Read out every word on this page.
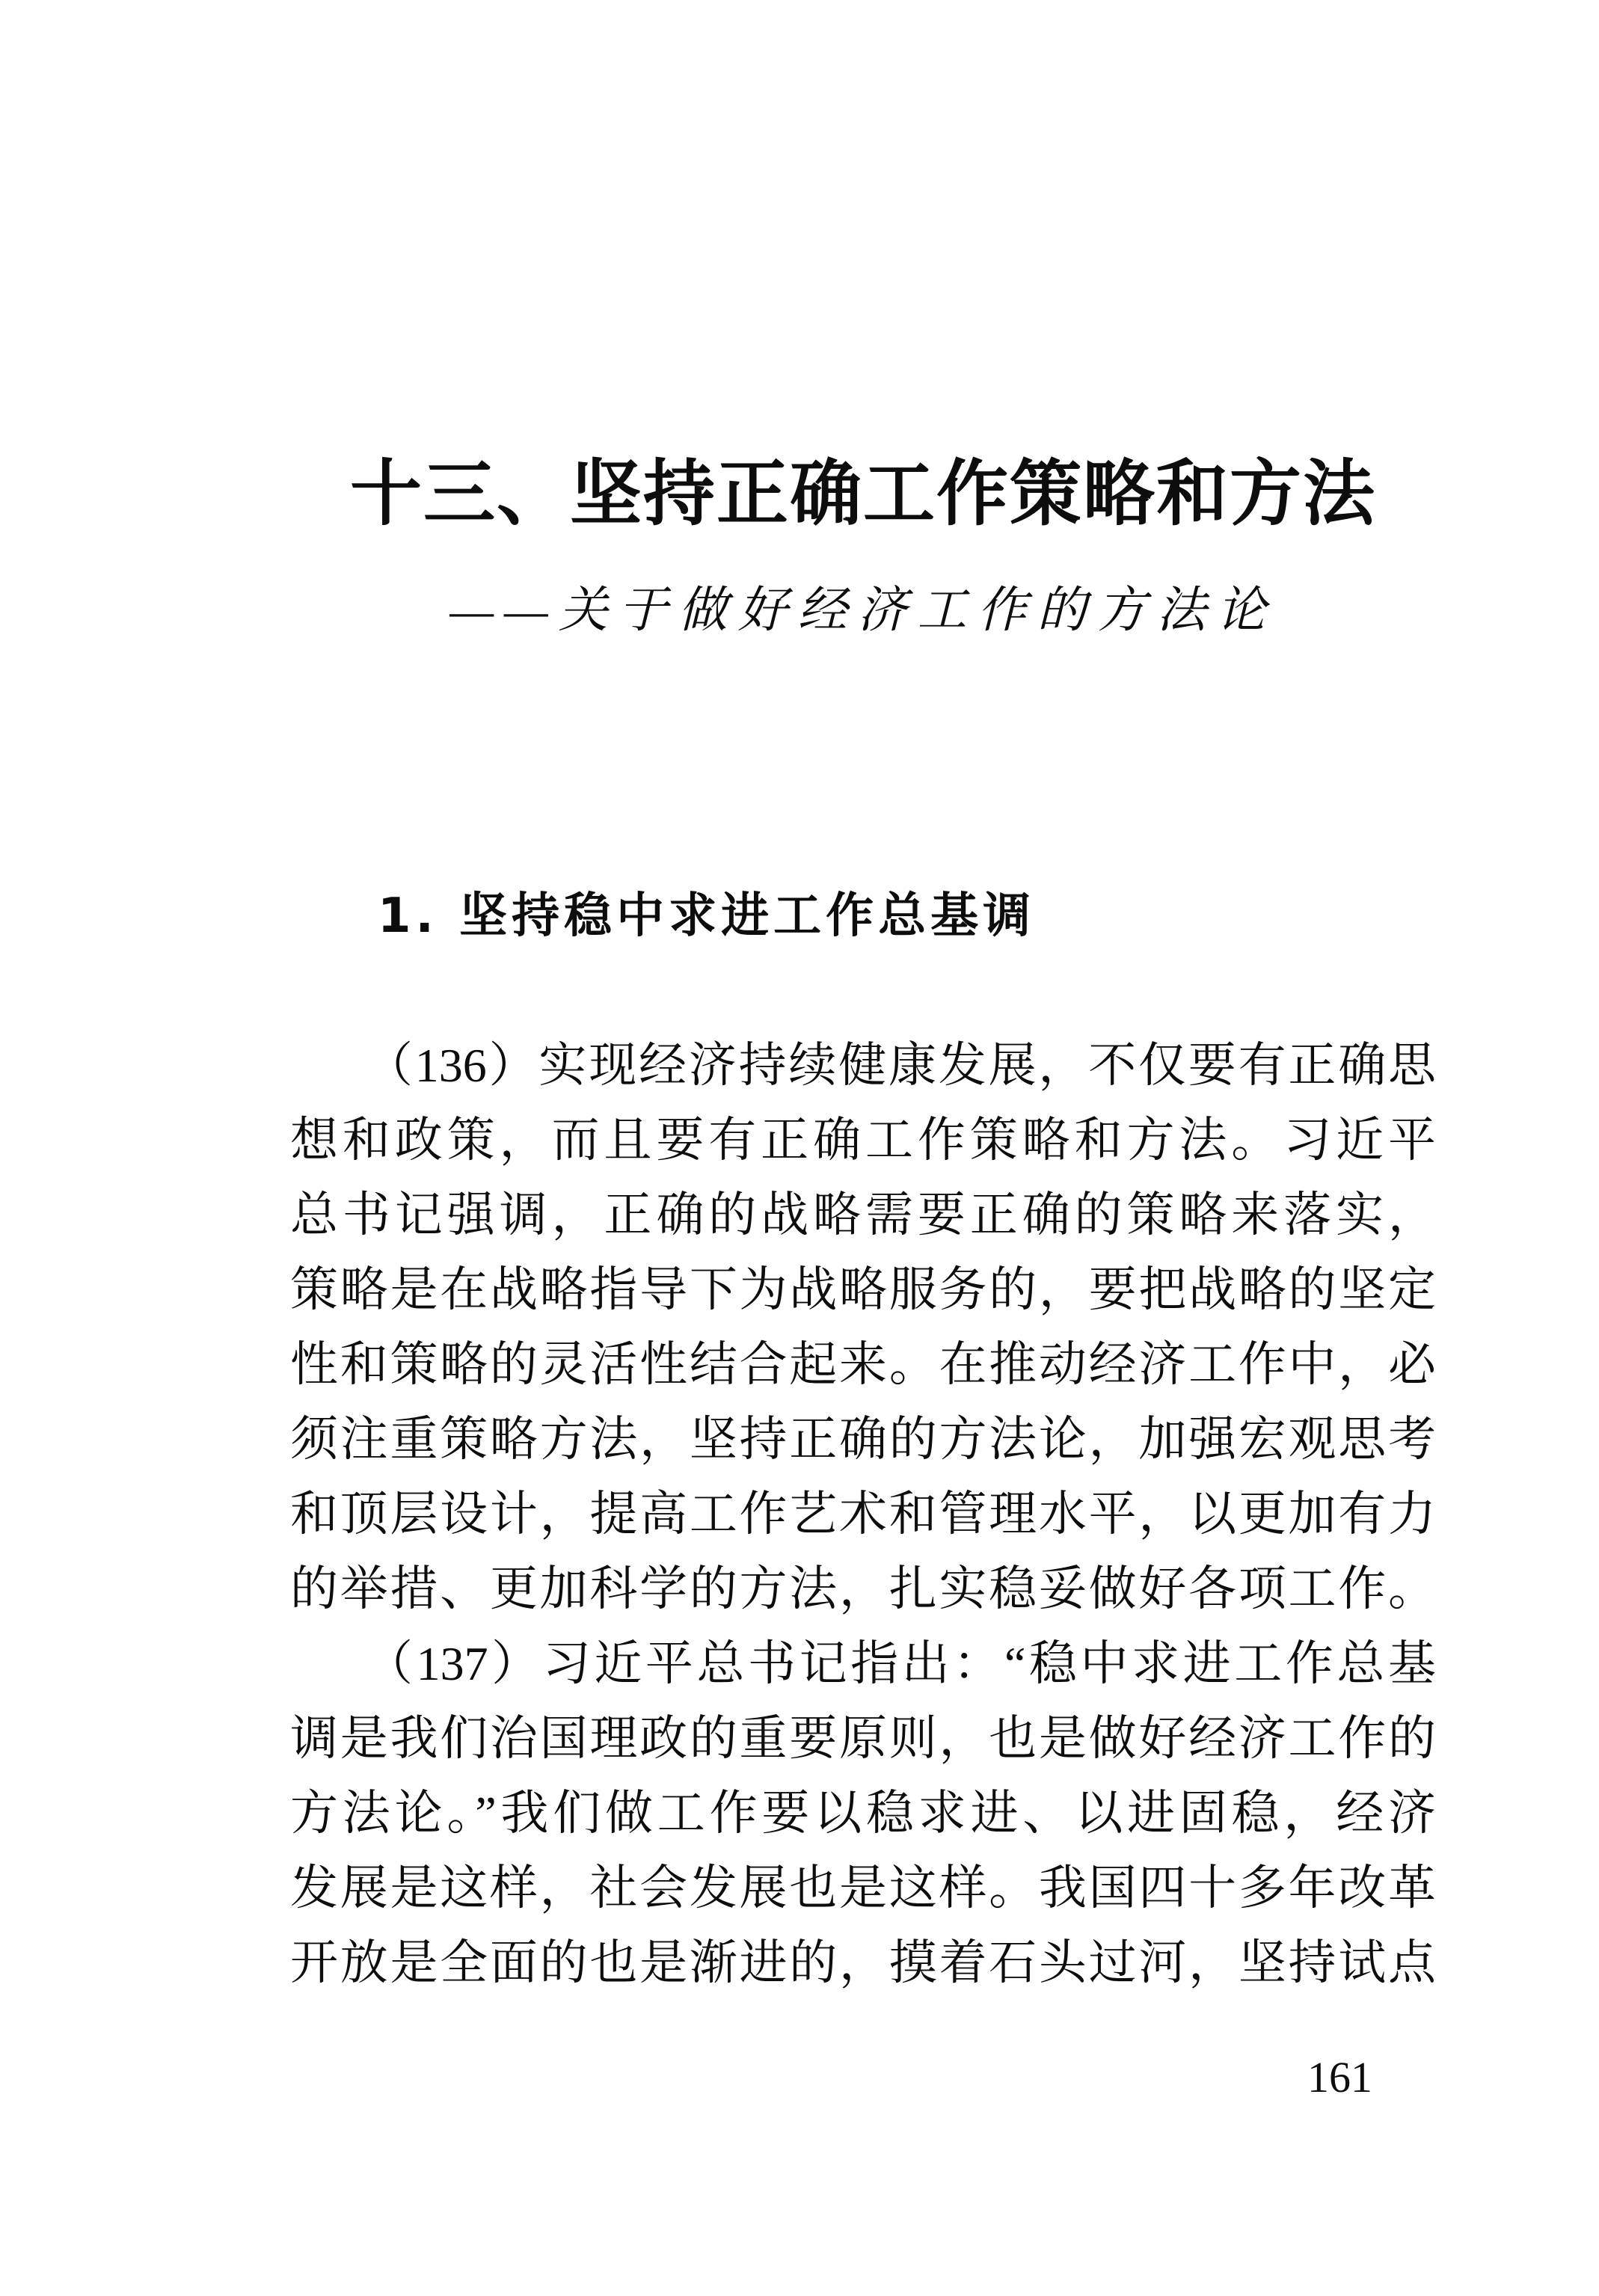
十三、坚持正确工作策略和方法
——关于做好经济工作的方法论
1. 坚持稳中求进工作总基调
（136）实现经济持续健康发展，不仅要有正确思
想和政策，而且要有正确工作策略和方法。习近平
总书记强调，正确的战略需要正确的策略来落实，
策略是在战略指导下为战略服务的，要把战略的坚定
性和策略的灵活性结合起来。在推动经济工作中，必
须注重策略方法，坚持正确的方法论，加强宏观思考
和顶层设计，提高工作艺术和管理水平，以更加有力
的举措、更加科学的方法，扎实稳妥做好各项工作。
（137）习近平总书记指出：“稳中求进工作总基
调是我们治国理政的重要原则，也是做好经济工作的
方法论。”我们做工作要以稳求进、以进固稳，经济
发展是这样，社会发展也是这样。我国四十多年改革
开放是全面的也是渐进的，摸着石头过河，坚持试点
161
